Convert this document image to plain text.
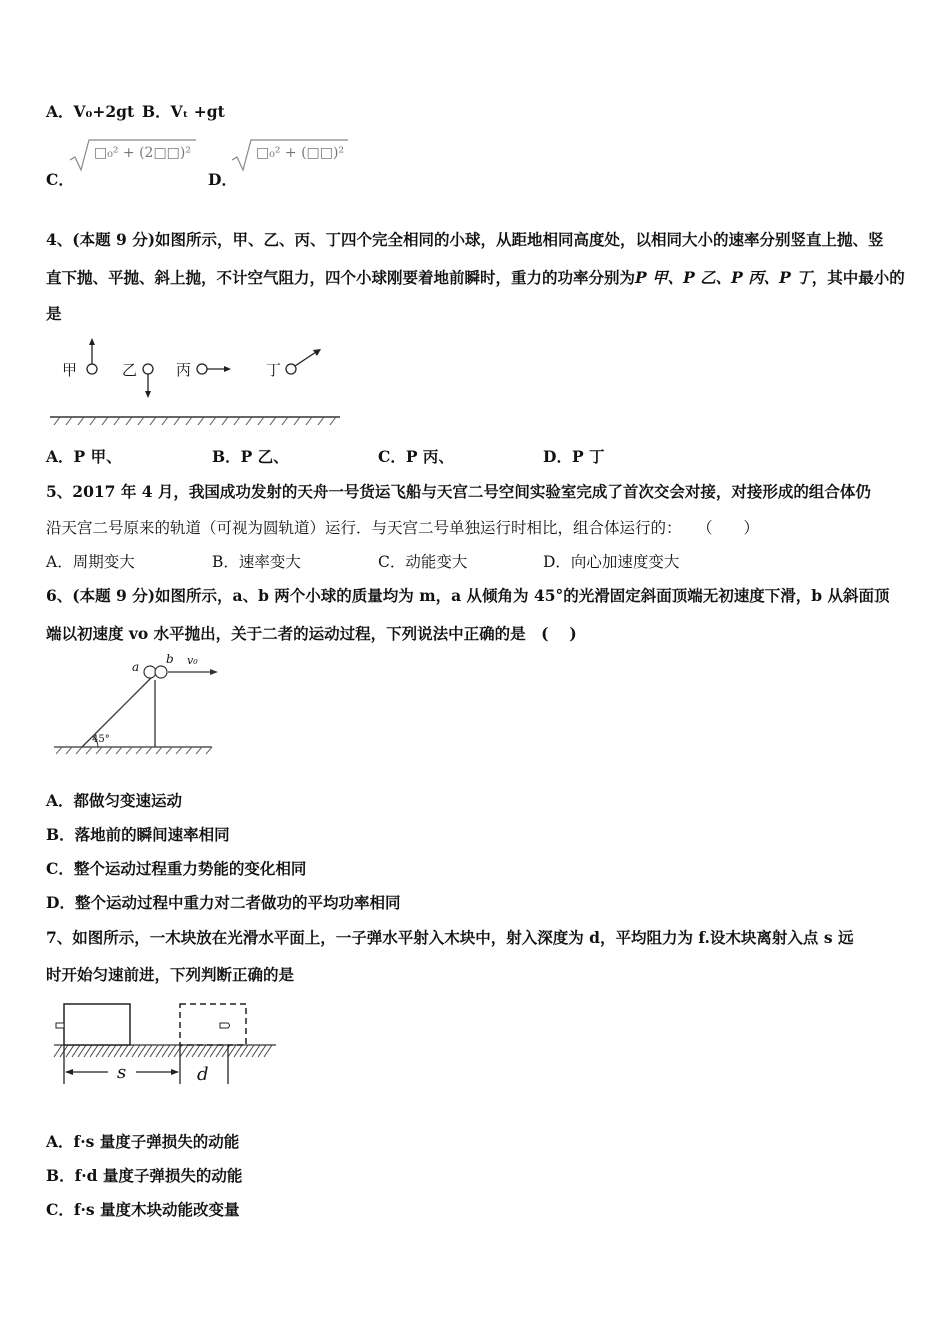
A．V₀+2gt B．Vₜ +gt
C．
□₀² + (2□□)²
D．
□₀² + (□□)²
4、(本题 9 分)如图所示，甲、乙、丙、丁四个完全相同的小球，从距地相同高度处，以相同大小的速率分别竖直上抛、竖
直下抛、平抛、斜上抛，不计空气阻力，四个小球刚要着地前瞬时，重力的功率分别为P 甲、P 乙、P 丙、P 丁，其中最小的
是
甲	乙	丙	丁
A．P 甲、	B．P 乙、	C．P 丙、	D．P 丁
5、2017 年 4 月，我国成功发射的天舟一号货运飞船与天宫二号空间实验室完成了首次交会对接，对接形成的组合体仍
沿天宫二号原来的轨道（可视为圆轨道）运行．与天宫二号单独运行时相比，组合体运行的：　　（　　）
A．周期变大	B．速率变大	C．动能变大	D．向心加速度变大
6、(本题 9 分)如图所示，a、b 两个小球的质量均为 m，a 从倾角为 45°的光滑固定斜面顶端无初速度下滑，b 从斜面顶
端以初速度 vo 水平抛出，关于二者的运动过程，下列说法中正确的是　( 　)
a
b v₀
45°
A．都做匀变速运动
B．落地前的瞬间速率相同
C．整个运动过程重力势能的变化相同
D．整个运动过程中重力对二者做功的平均功率相同
7、如图所示，一木块放在光滑水平面上，一子弹水平射入木块中，射入深度为 d，平均阻力为 f.设木块离射入点 s 远
时开始匀速前进，下列判断正确的是
s	d
A．f·s 量度子弹损失的动能
B．f·d 量度子弹损失的动能
C．f·s 量度木块动能改变量
